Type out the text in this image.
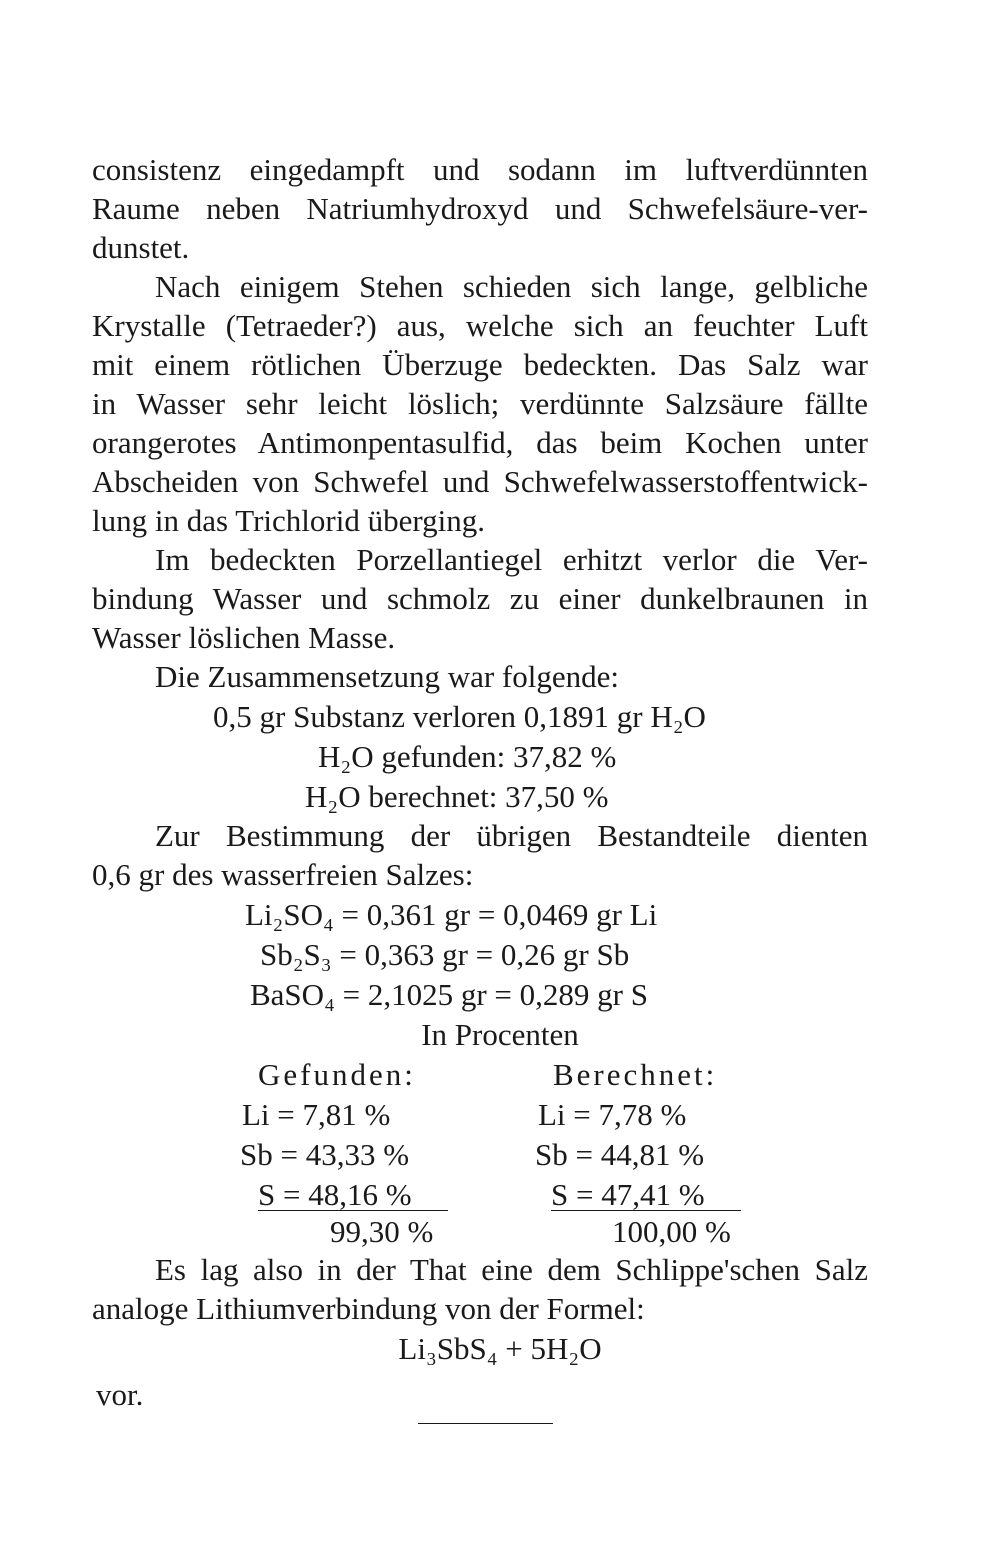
consistenz eingedampft und sodann im luftverdünnten
Raume neben Natriumhydroxyd und Schwefelsäure-ver-
dunstet.
Nach einigem Stehen schieden sich lange, gelbliche
Krystalle (Tetraeder?) aus, welche sich an feuchter Luft
mit einem rötlichen Überzuge bedeckten. Das Salz war
in Wasser sehr leicht löslich; verdünnte Salzsäure fällte
orangerotes Antimonpentasulfid, das beim Kochen unter
Abscheiden von Schwefel und Schwefelwasserstoffentwick-
lung in das Trichlorid überging.
Im bedeckten Porzellantiegel erhitzt verlor die Ver-
bindung Wasser und schmolz zu einer dunkelbraunen in
Wasser löslichen Masse.
Die Zusammensetzung war folgende:
0,5 gr Substanz verloren 0,1891 gr H₂O
H₂O gefunden: 37,82 %
H₂O berechnet: 37,50 %
Zur Bestimmung der übrigen Bestandteile dienten
0,6 gr des wasserfreien Salzes:
Li₂SO₄ = 0,361 gr = 0,0469 gr Li
Sb₂S₃ = 0,363 gr = 0,26 gr Sb
BaSO₄ = 2,1025 gr = 0,289 gr S
In Procenten
Gefunden:
Li = 7,81 %
Sb = 43,33 %
S = 48,16 %
99,30 %
Berechnet:
Li = 7,78 %
Sb = 44,81 %
S = 47,41 %
100,00 %
Es lag also in der That eine dem Schlippe'schen Salz
analoge Lithiumverbindung von der Formel:
Li₃SbS₄ + 5H₂O
vor.
